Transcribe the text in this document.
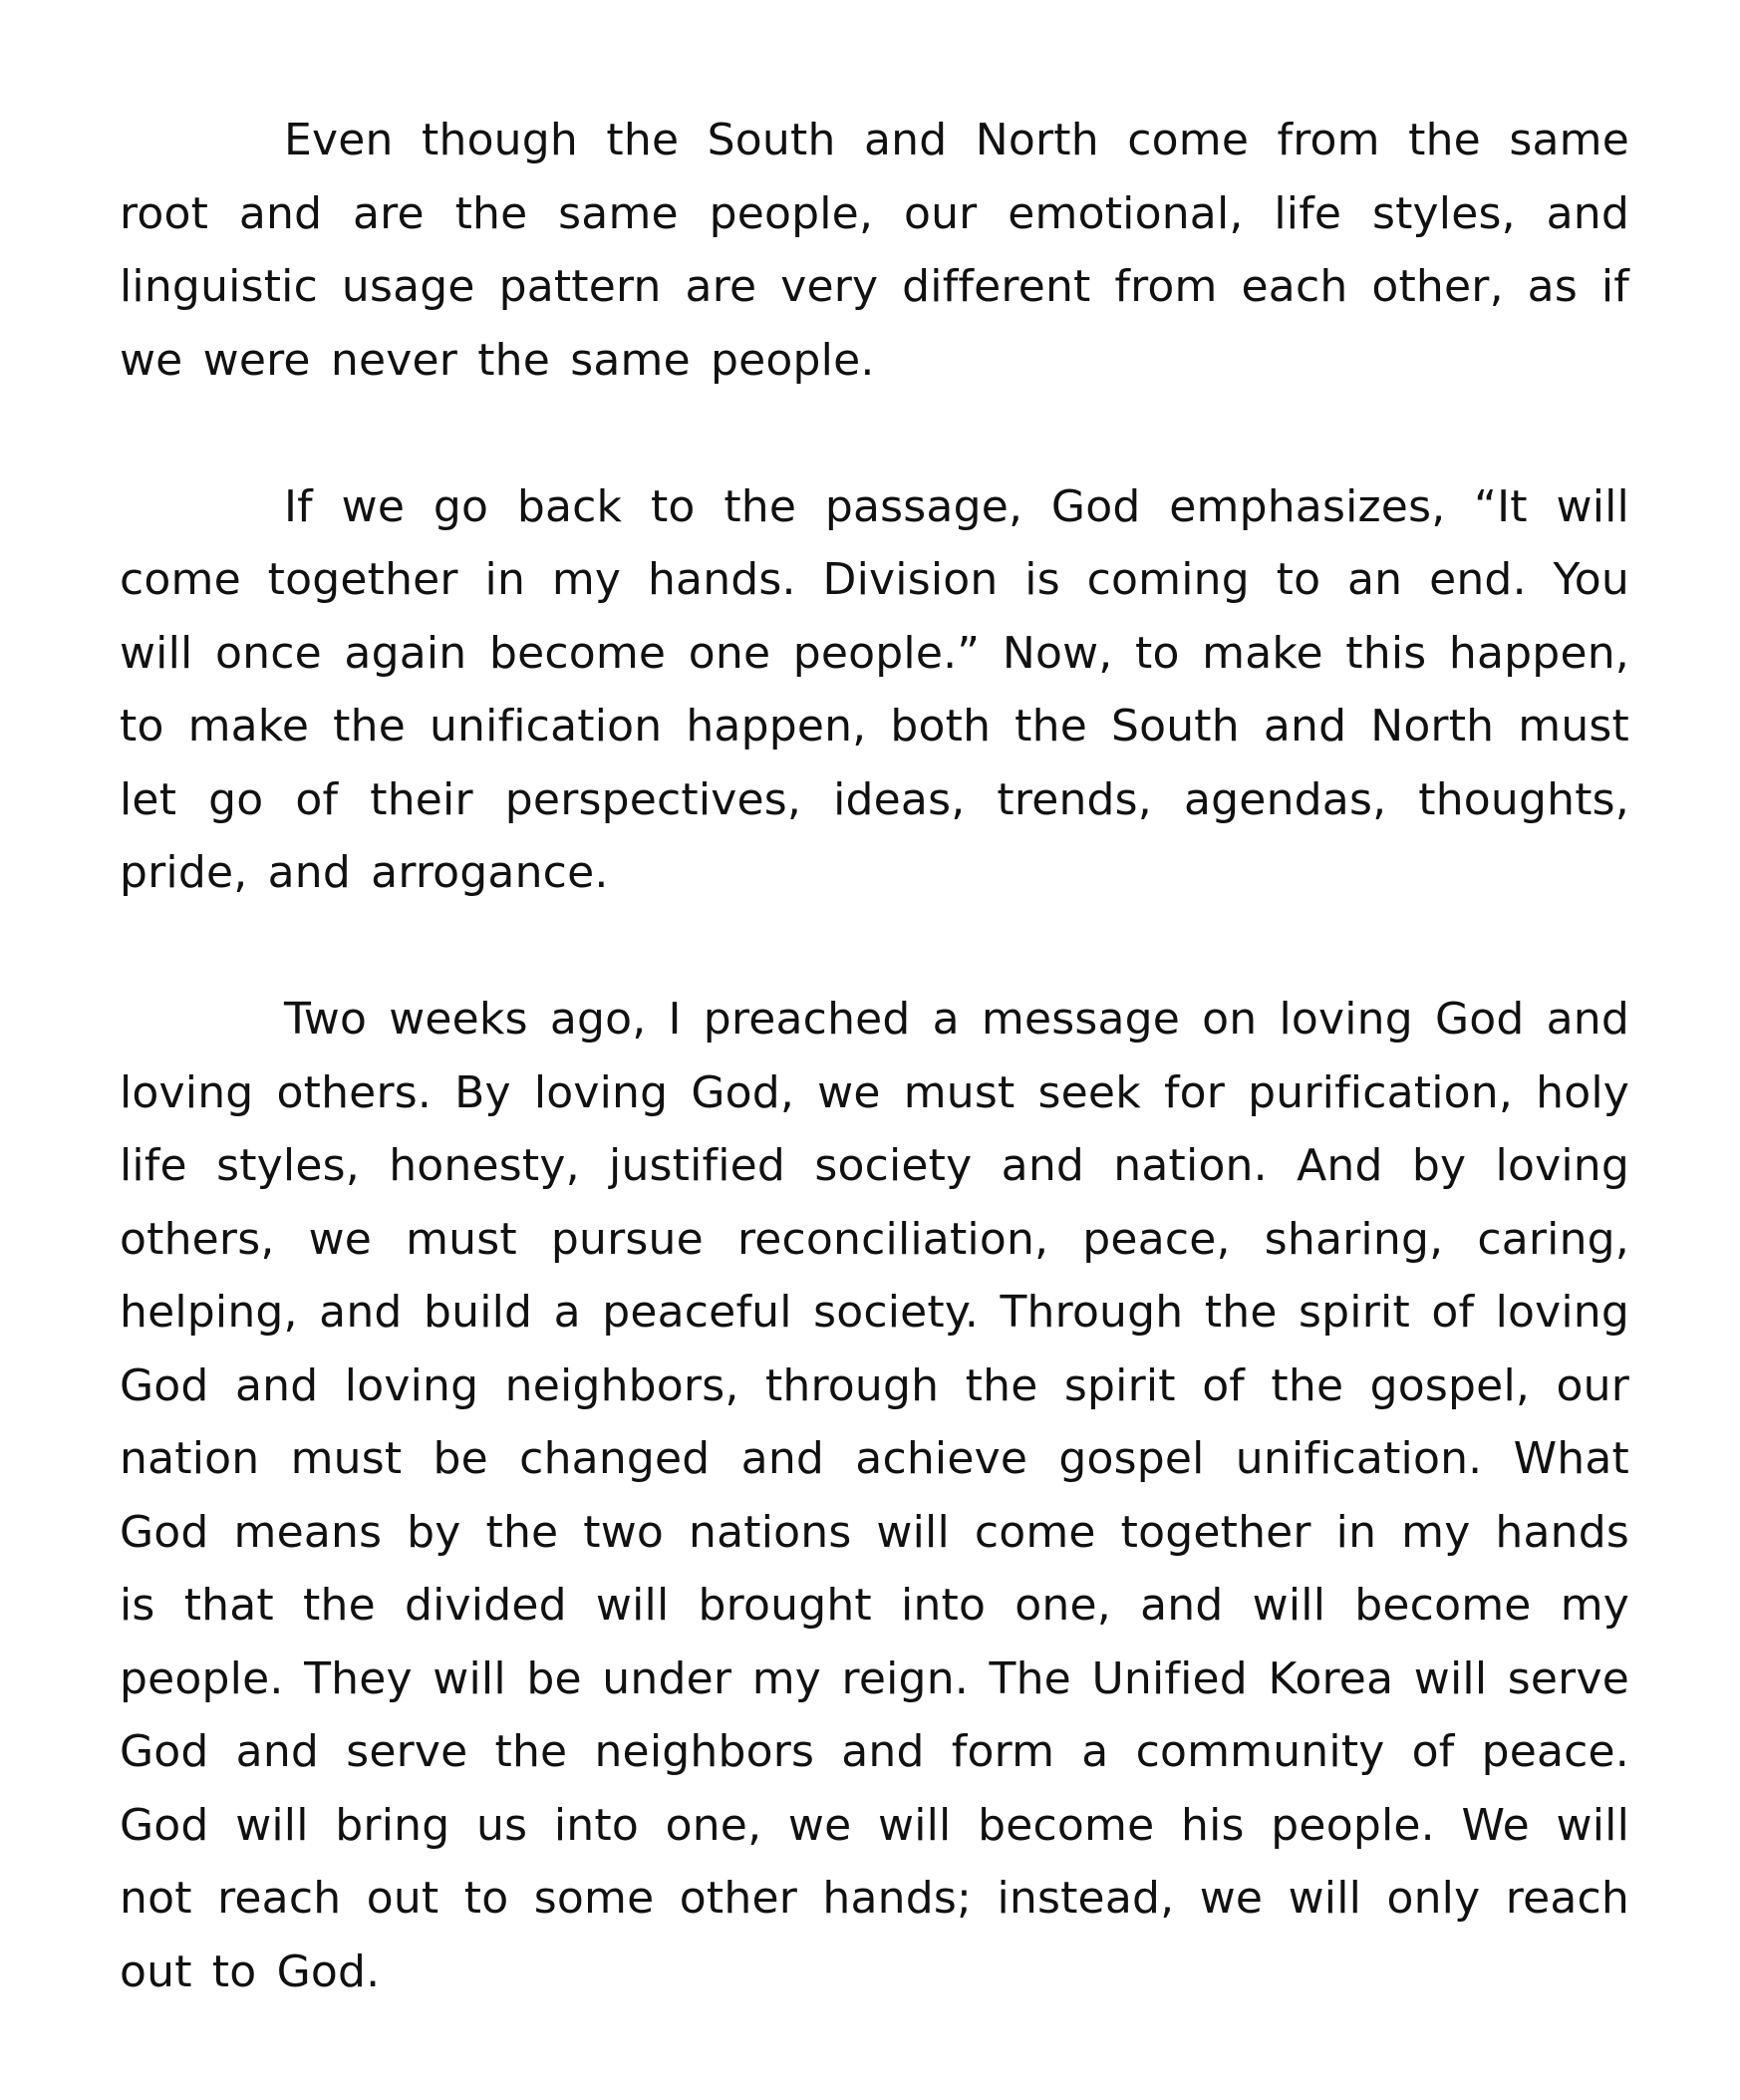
Even though the South and North come from the same root and are the same people, our emotional, life styles, and linguistic usage pattern are very different from each other, as if we were never the same people.

If we go back to the passage, God emphasizes, “It will come together in my hands. Division is coming to an end. You will once again become one people.” Now, to make this happen, to make the unification happen, both the South and North must let go of their perspectives, ideas, trends, agendas, thoughts, pride, and arrogance.

Two weeks ago, I preached a message on loving God and loving others. By loving God, we must seek for purification, holy life styles, honesty, justified society and nation. And by loving others, we must pursue reconciliation, peace, sharing, caring, helping, and build a peaceful society. Through the spirit of loving God and loving neighbors, through the spirit of the gospel, our nation must be changed and achieve gospel unification. What God means by the two nations will come together in my hands is that the divided will brought into one, and will become my people. They will be under my reign. The Unified Korea will serve God and serve the neighbors and form a community of peace. God will bring us into one, we will become his people. We will not reach out to some other hands; instead, we will only reach out to God.
